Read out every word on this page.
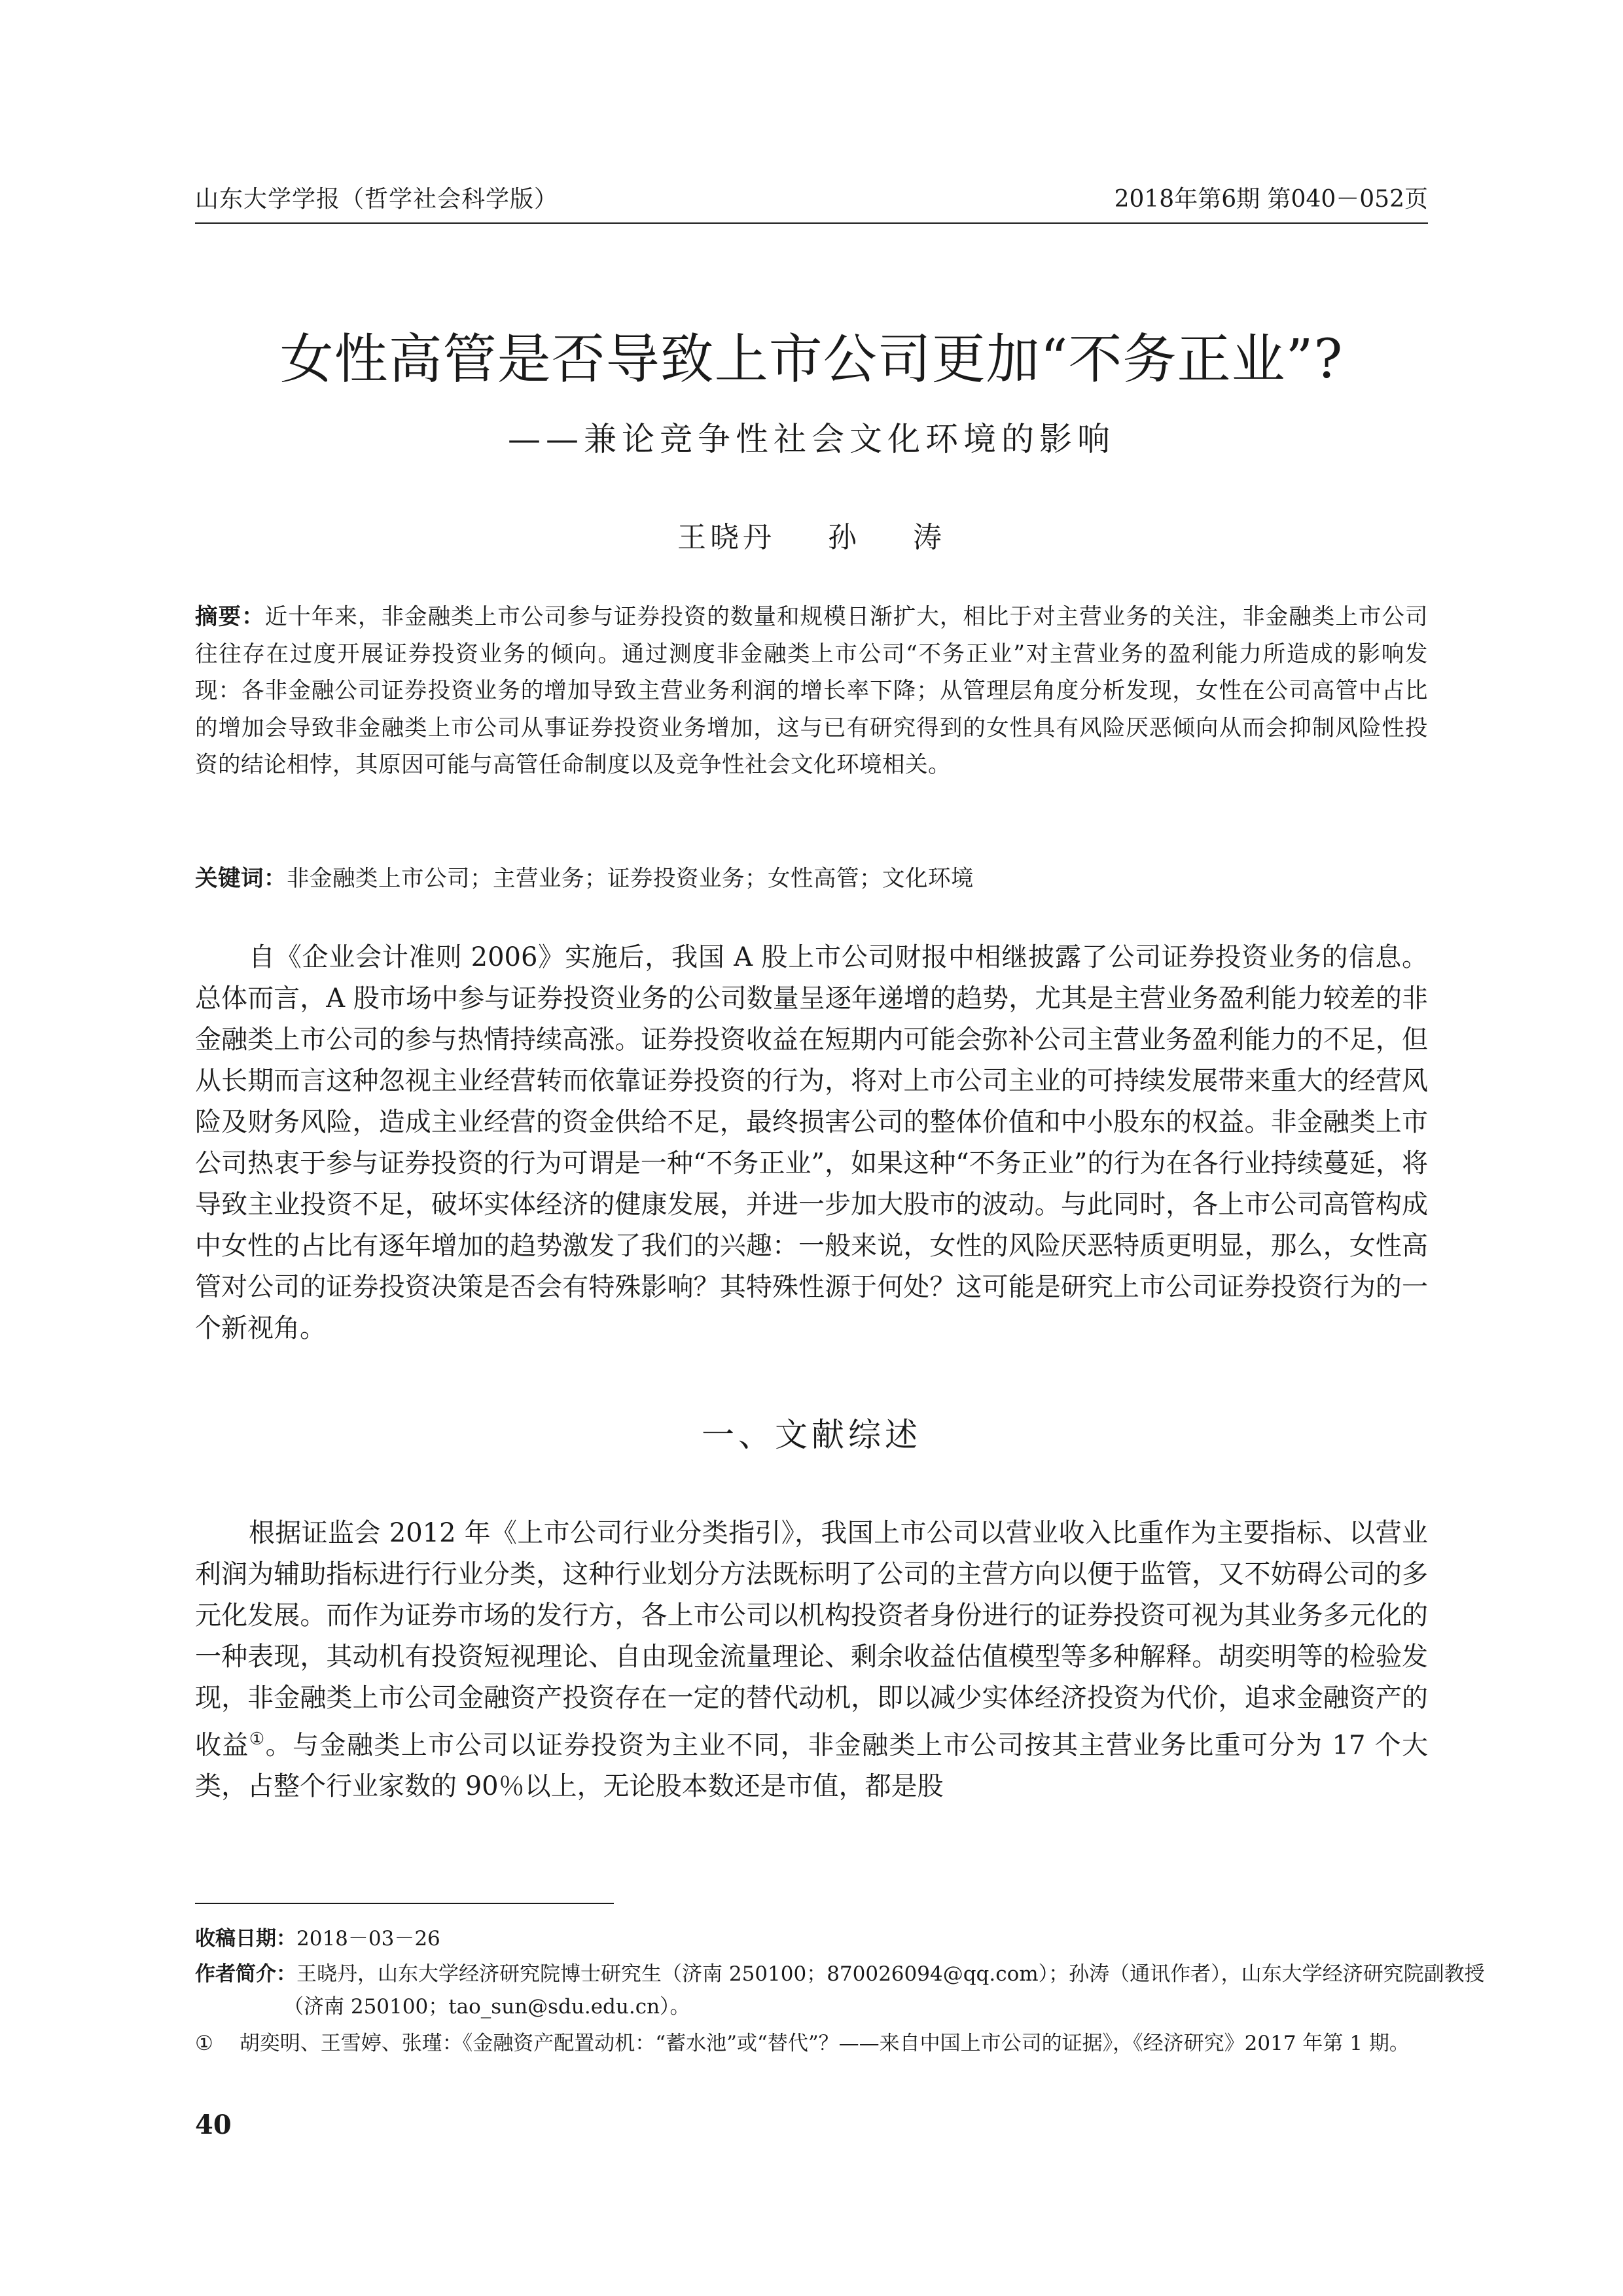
山东大学学报（哲学社会科学版）	2018年第6期 第040－052页
女性高管是否导致上市公司更加“不务正业”?
——兼论竞争性社会文化环境的影响
王晓丹 孙 涛
摘要：近十年来，非金融类上市公司参与证券投资的数量和规模日渐扩大，相比于对主营业务的关注，非金融类上市公司往往存在过度开展证券投资业务的倾向。通过测度非金融类上市公司“不务正业”对主营业务的盈利能力所造成的影响发现：各非金融公司证券投资业务的增加导致主营业务利润的增长率下降；从管理层角度分析发现，女性在公司高管中占比的增加会导致非金融类上市公司从事证券投资业务增加，这与已有研究得到的女性具有风险厌恶倾向从而会抑制风险性投资的结论相悖，其原因可能与高管任命制度以及竞争性社会文化环境相关。
关键词：非金融类上市公司；主营业务；证券投资业务；女性高管；文化环境
自《企业会计准则 2006》实施后，我国 A 股上市公司财报中相继披露了公司证券投资业务的信息。总体而言，A 股市场中参与证券投资业务的公司数量呈逐年递增的趋势，尤其是主营业务盈利能力较差的非金融类上市公司的参与热情持续高涨。证券投资收益在短期内可能会弥补公司主营业务盈利能力的不足，但从长期而言这种忽视主业经营转而依靠证券投资的行为，将对上市公司主业的可持续发展带来重大的经营风险及财务风险，造成主业经营的资金供给不足，最终损害公司的整体价值和中小股东的权益。非金融类上市公司热衷于参与证券投资的行为可谓是一种“不务正业”，如果这种“不务正业”的行为在各行业持续蔓延，将导致主业投资不足，破坏实体经济的健康发展，并进一步加大股市的波动。与此同时，各上市公司高管构成中女性的占比有逐年增加的趋势激发了我们的兴趣：一般来说，女性的风险厌恶特质更明显，那么，女性高管对公司的证券投资决策是否会有特殊影响？其特殊性源于何处？这可能是研究上市公司证券投资行为的一个新视角。
一、文献综述
根据证监会 2012 年《上市公司行业分类指引》，我国上市公司以营业收入比重作为主要指标、以营业利润为辅助指标进行行业分类，这种行业划分方法既标明了公司的主营方向以便于监管，又不妨碍公司的多元化发展。而作为证券市场的发行方，各上市公司以机构投资者身份进行的证券投资可视为其业务多元化的一种表现，其动机有投资短视理论、自由现金流量理论、剩余收益估值模型等多种解释。胡奕明等的检验发现，非金融类上市公司金融资产投资存在一定的替代动机，即以减少实体经济投资为代价，追求金融资产的收益①。与金融类上市公司以证券投资为主业不同，非金融类上市公司按其主营业务比重可分为 17 个大类，占整个行业家数的 90％以上，无论股本数还是市值，都是股
收稿日期：2018－03－26
作者简介：王晓丹，山东大学经济研究院博士研究生（济南 250100；870026094@qq.com）；孙涛（通讯作者），山东大学经济研究院副教授（济南 250100；tao_sun@sdu.edu.cn）。
① 胡奕明、王雪婷、张瑾：《金融资产配置动机：“蓄水池”或“替代”？——来自中国上市公司的证据》，《经济研究》2017 年第 1 期。
40
